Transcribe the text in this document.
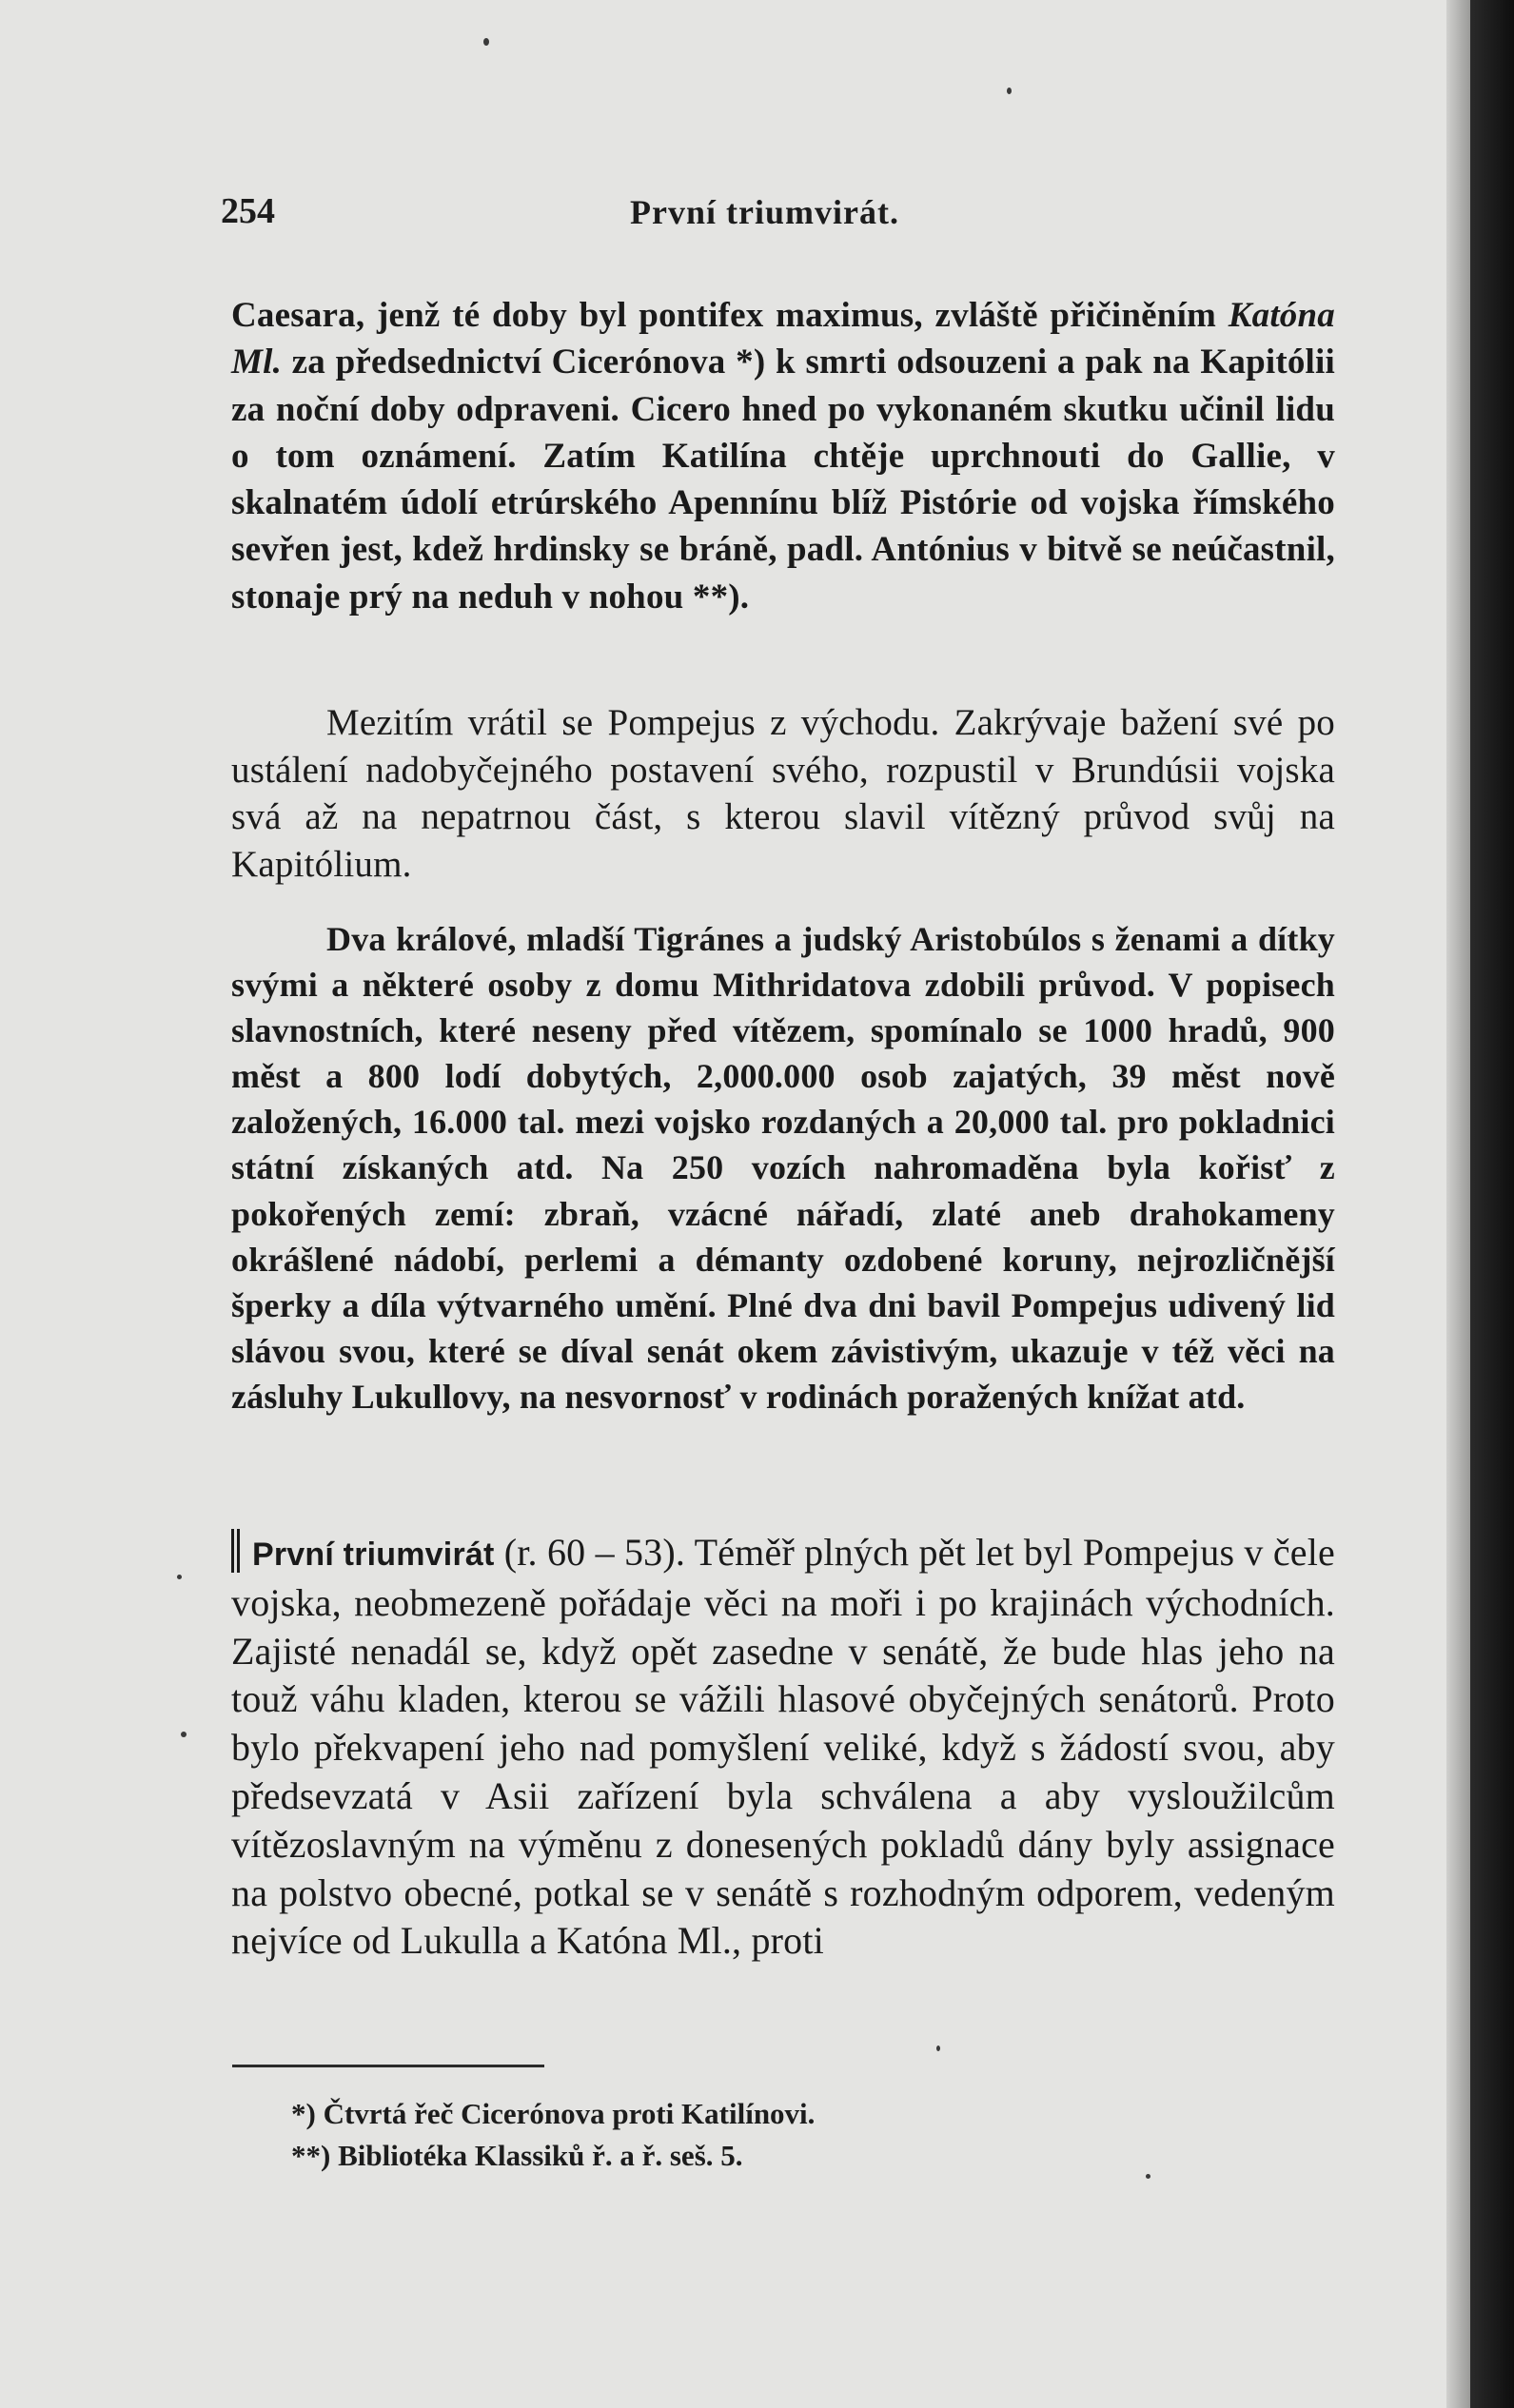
254	První triumvirát.
Caesara, jenž té doby byl pontifex maximus, zvláště přičiněním Katóna Ml. za předsednictví Cicerónova *) k smrti odsouzeni a pak na Kapitólii za noční doby odpraveni. Cicero hned po vykonaném skutku učinil lidu o tom oznámení. Zatím Katilína chtěje uprchnouti do Gallie, v skalnatém údolí etrúrského Apennínu blíž Pistórie od vojska římského sevřen jest, kdež hrdinsky se bráně, padl. Antónius v bitvě se neúčastnil, stonaje prý na neduh v nohou **).
Mezitím vrátil se Pompejus z východu. Zakrývaje bažení své po ustálení nadobyčejného postavení svého, rozpustil v Brundúsii vojska svá až na nepatrnou část, s kterou slavil vítězný průvod svůj na Kapitólium.
Dva králové, mladší Tigránes a judský Aristobúlos s ženami a dítky svými a některé osoby z domu Mithridatova zdobili průvod. V popisech slavnostních, které neseny před vítězem, spomínalo se 1000 hradů, 900 měst a 800 lodí dobytých, 2,000.000 osob zajatých, 39 měst nově založených, 16.000 tal. mezi vojsko rozdaných a 20,000 tal. pro pokladnici státní získaných atd. Na 250 vozích nahromaděna byla kořisť z pokořených zemí: zbraň, vzácné nářadí, zlaté aneb drahokameny okrášlené nádobí, perlemi a démanty ozdobené koruny, nejrozličnější šperky a díla výtvarného umění. Plné dva dni bavil Pompejus udivený lid slávou svou, které se díval senát okem závistivým, ukazuje v též věci na zásluhy Lukullovy, na nesvornosť v rodinách poražených knížat atd.
První triumvirát (r. 60 – 53). Téměř plných pět let byl Pompejus v čele vojska, neobmezeně pořádaje věci na moři i po krajinách východních. Zajisté nenadál se, když opět zasedne v senátě, že bude hlas jeho na touž váhu kladen, kterou se vážili hlasové obyčejných senátorů. Proto bylo překvapení jeho nad pomyšlení veliké, když s žádostí svou, aby předsevzatá v Asii zařízení byla schválena a aby vysloužilcům vítězoslavným na výměnu z donesených pokladů dány byly assignace na polstvo obecné, potkal se v senátě s rozhodným odporem, vedeným nejvíce od Lukulla a Katóna Ml., proti
*) Čtvrtá řeč Cicerónova proti Katilínovi.
**) Bibliotéka Klassiků ř. a ř. seš. 5.
